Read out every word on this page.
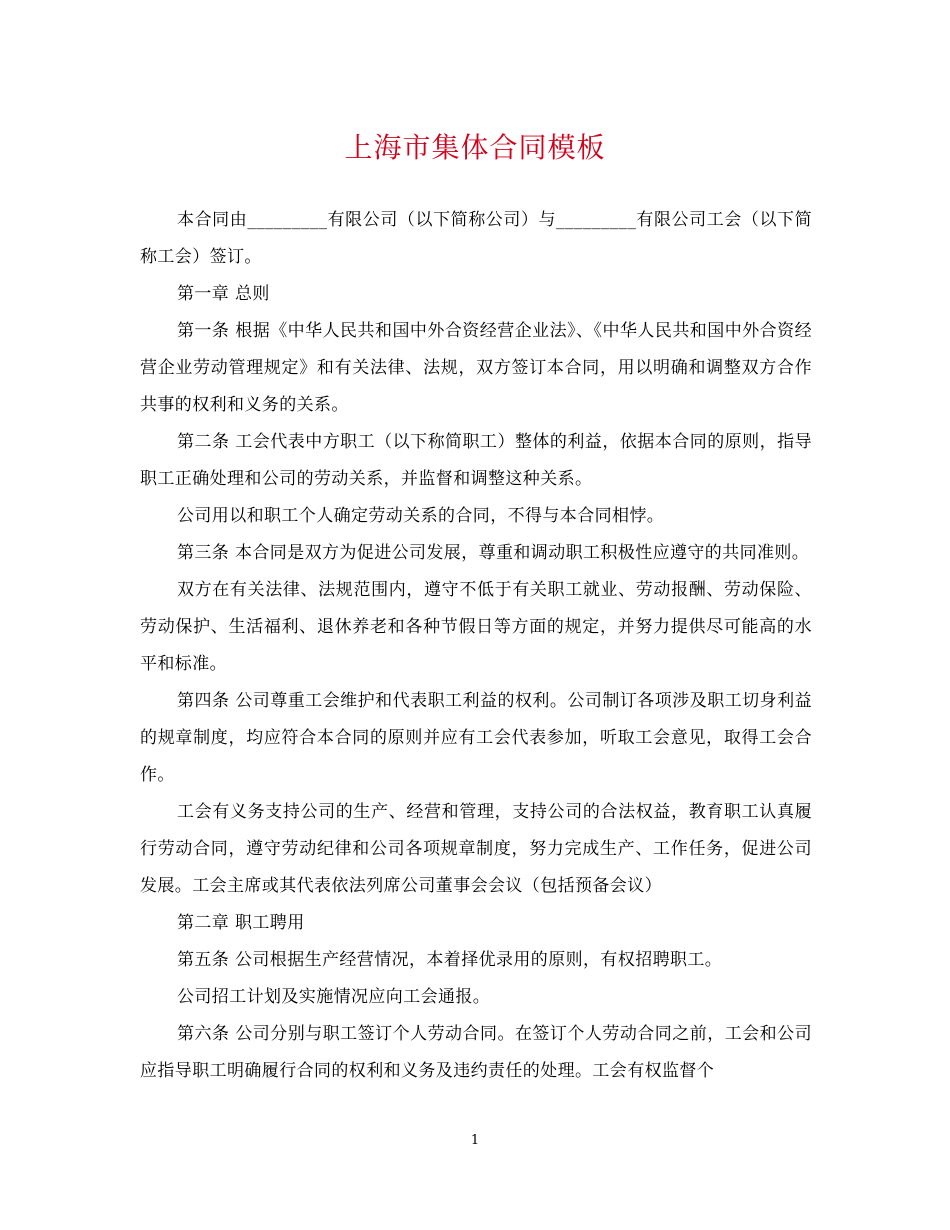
上海市集体合同模板

本合同由_________有限公司（以下简称公司）与_________有限公司工会（以下简称工会）签订。

第一章 总则

第一条 根据《中华人民共和国中外合资经营企业法》、《中华人民共和国中外合资经营企业劳动管理规定》和有关法律、法规，双方签订本合同，用以明确和调整双方合作共事的权利和义务的关系。

第二条 工会代表中方职工（以下称简职工）整体的利益，依据本合同的原则，指导职工正确处理和公司的劳动关系，并监督和调整这种关系。

公司用以和职工个人确定劳动关系的合同，不得与本合同相悖。

第三条 本合同是双方为促进公司发展，尊重和调动职工积极性应遵守的共同准则。

双方在有关法律、法规范围内，遵守不低于有关职工就业、劳动报酬、劳动保险、劳动保护、生活福利、退休养老和各种节假日等方面的规定，并努力提供尽可能高的水平和标准。

第四条 公司尊重工会维护和代表职工利益的权利。公司制订各项涉及职工切身利益的规章制度，均应符合本合同的原则并应有工会代表参加，听取工会意见，取得工会合作。

工会有义务支持公司的生产、经营和管理，支持公司的合法权益，教育职工认真履行劳动合同，遵守劳动纪律和公司各项规章制度，努力完成生产、工作任务，促进公司发展。工会主席或其代表依法列席公司董事会会议（包括预备会议）

第二章 职工聘用

第五条 公司根据生产经营情况，本着择优录用的原则，有权招聘职工。

公司招工计划及实施情况应向工会通报。

第六条 公司分别与职工签订个人劳动合同。在签订个人劳动合同之前，工会和公司应指导职工明确履行合同的权利和义务及违约责任的处理。工会有权监督个

1
